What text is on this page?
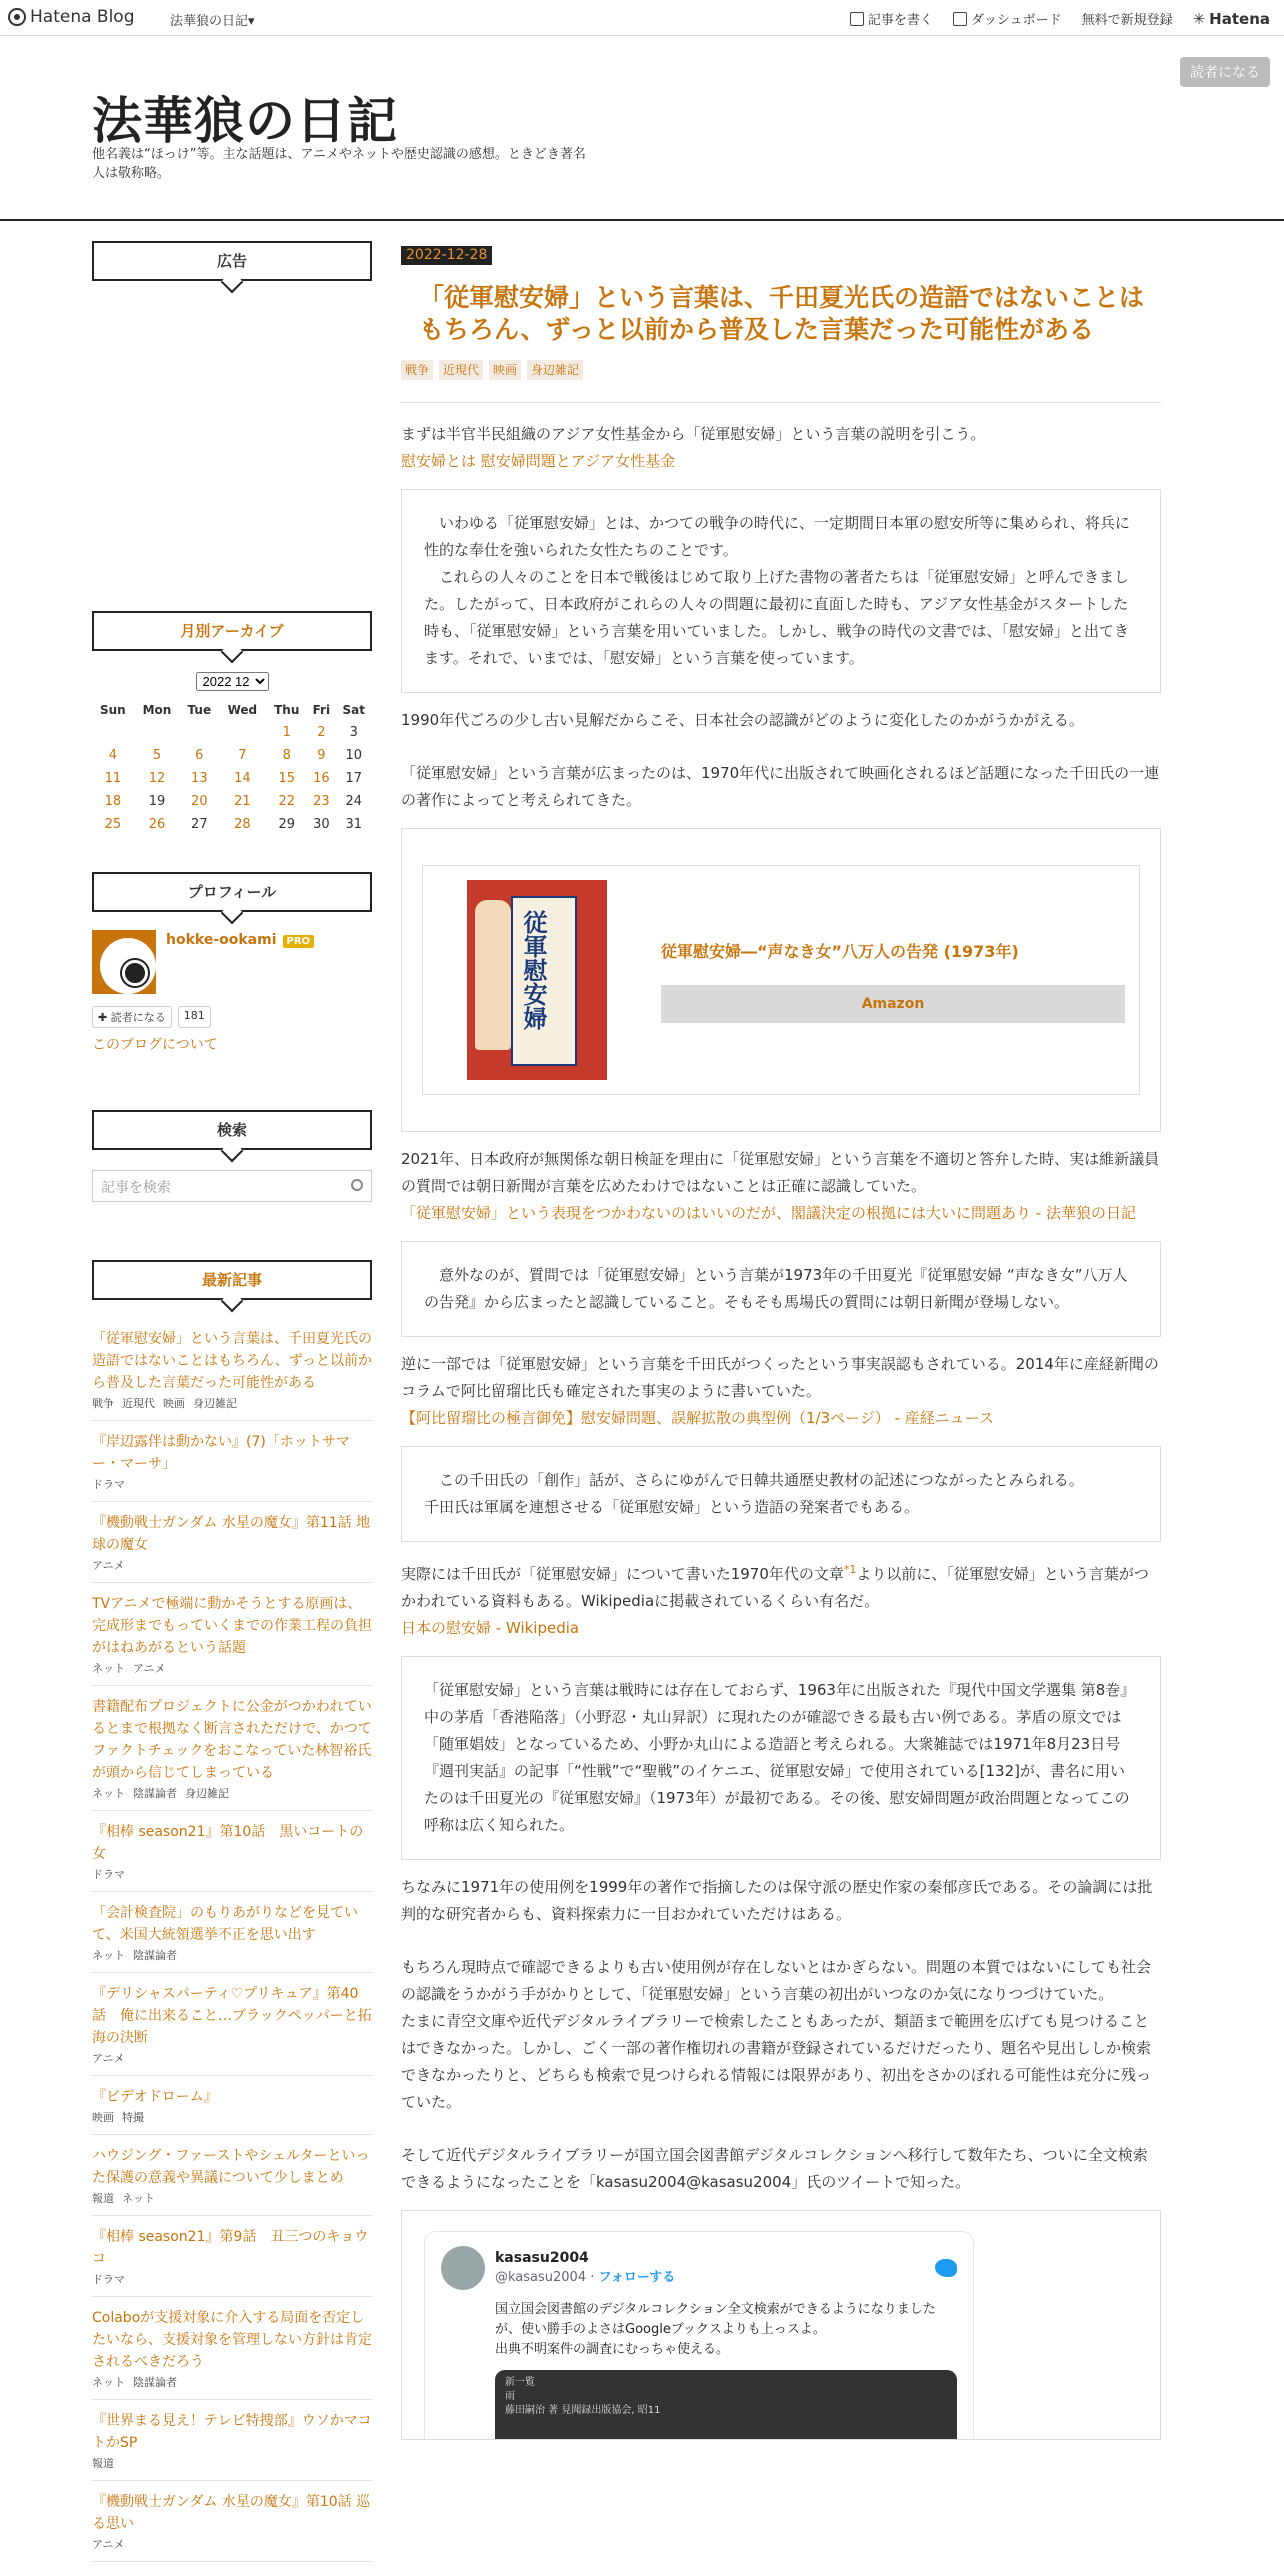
Hatena Blog	法華狼の日記▾	記事を書く	ダッシュボード 無料で新規登録 ✳ Hatena
法華狼の日記
他名義は“ほっけ”等。主な話題は、アニメやネットや歴史認識の感想。ときどき著名人は敬称略。
読者になる
広告
月別アーカイブ
2022 12
Sun	Mon	Tue	Wed	Thu	Fri	Sat
				1	2	3
4	5	6	7	8	9	10
11	12	13	14	15	16	17
18	19	20	21	22	23	24
25	26	27	28	29	30	31
プロフィール
hokke-ookami PRO
✚ 読者になる	181
このブログについて
検索
記事を検索
最新記事
「従軍慰安婦」という言葉は、千田夏光氏の造語ではないことはもちろん、ずっと以前から普及した言葉だった可能性がある
戦争 近現代 映画 身辺雑記
『岸辺露伴は動かない』(7)「ホットサマー・マーサ」
ドラマ
『機動戦士ガンダム 水星の魔女』第11話 地球の魔女
アニメ
TVアニメで極端に動かそうとする原画は、完成形までもっていくまでの作業工程の負担がはねあがるという話題
ネット アニメ
書籍配布プロジェクトに公金がつかわれているとまで根拠なく断言されただけで、かつてファクトチェックをおこなっていた林智裕氏が頭から信じてしまっている
ネット 陰謀論者 身辺雑記
『相棒 season21』第10話　黒いコートの女
ドラマ
「会計検査院」のもりあがりなどを見ていて、米国大統領選挙不正を思い出す
ネット 陰謀論者
『デリシャスパーティ♡プリキュア』第40話　俺に出来ること…ブラックペッパーと拓海の決断
アニメ
『ビデオドローム』
映画 特撮
ハウジング・ファーストやシェルターといった保護の意義や異議について少しまとめ
報道 ネット
『相棒 season21』第9話　丑三つのキョウコ
ドラマ
Colaboが支援対象に介入する局面を否定したいなら、支援対象を管理しない方針は肯定されるべきだろう
ネット 陰謀論者
『世界まる見え！テレビ特捜部』ウソかマコトかSP
報道
『機動戦士ガンダム 水星の魔女』第10話 巡る思い
アニメ
2022-12-28
「従軍慰安婦」という言葉は、千田夏光氏の造語ではないことはもちろん、ずっと以前から普及した言葉だった可能性がある
戦争	近現代	映画	身辺雑記
まずは半官半民組織のアジア女性基金から「従軍慰安婦」という言葉の説明を引こう。
慰安婦とは 慰安婦問題とアジア女性基金
　いわゆる「従軍慰安婦」とは、かつての戦争の時代に、一定期間日本軍の慰安所等に集められ、将兵に性的な奉仕を強いられた女性たちのことです。
　これらの人々のことを日本で戦後はじめて取り上げた書物の著者たちは「従軍慰安婦」と呼んできました。したがって、日本政府がこれらの人々の問題に最初に直面した時も、アジア女性基金がスタートした時も、「従軍慰安婦」という言葉を用いていました。しかし、戦争の時代の文書では、「慰安婦」と出てきます。それで、いまでは、「慰安婦」という言葉を使っています。
1990年代ごろの少し古い見解だからこそ、日本社会の認識がどのように変化したのかがうかがえる。
「従軍慰安婦」という言葉が広まったのは、1970年代に出版されて映画化されるほど話題になった千田氏の一連の著作によってと考えられてきた。
従軍慰安婦	従軍慰安婦―“声なき女”八万人の告発 (1973年)
Amazon
2021年、日本政府が無関係な朝日検証を理由に「従軍慰安婦」という言葉を不適切と答弁した時、実は維新議員の質問では朝日新聞が言葉を広めたわけではないことは正確に認識していた。
「従軍慰安婦」という表現をつかわないのはいいのだが、閣議決定の根拠には大いに問題あり - 法華狼の日記
　意外なのが、質問では「従軍慰安婦」という言葉が1973年の千田夏光『従軍慰安婦 “声なき女”八万人の告発』から広まったと認識していること。そもそも馬場氏の質問には朝日新聞が登場しない。
逆に一部では「従軍慰安婦」という言葉を千田氏がつくったという事実誤認もされている。2014年に産経新聞のコラムで阿比留瑠比氏も確定された事実のように書いていた。
【阿比留瑠比の極言御免】慰安婦問題、誤解拡散の典型例（1/3ページ） - 産経ニュース
　この千田氏の「創作」話が、さらにゆがんで日韓共通歴史教材の記述につながったとみられる。
千田氏は軍属を連想させる「従軍慰安婦」という造語の発案者でもある。
実際には千田氏が「従軍慰安婦」について書いた1970年代の文章$^{*1}$より以前に、「従軍慰安婦」という言葉がつかわれている資料もある。Wikipediaに掲載されているくらい有名だ。
日本の慰安婦 - Wikipedia
「従軍慰安婦」という言葉は戦時には存在しておらず、1963年に出版された『現代中国文学選集 第8巻』中の茅盾「香港陥落」（小野忍・丸山昇訳）に現れたのが確認できる最も古い例である。茅盾の原文では「随軍娼妓」となっているため、小野か丸山による造語と考えられる。大衆雑誌では1971年8月23日号『週刊実話』の記事「“性戦”で“聖戦”のイケニエ、従軍慰安婦」で使用されている[132]が、書名に用いたのは千田夏光の『従軍慰安婦』（1973年）が最初である。その後、慰安婦問題が政治問題となってこの呼称は広く知られた。
ちなみに1971年の使用例を1999年の著作で指摘したのは保守派の歴史作家の秦郁彦氏である。その論調には批判的な研究者からも、資料探索力に一目おかれていただけはある。
もちろん現時点で確認できるよりも古い使用例が存在しないとはかぎらない。問題の本質ではないにしても社会の認識をうかがう手がかりとして、「従軍慰安婦」という言葉の初出がいつなのか気になりつづけていた。
たまに青空文庫や近代デジタルライブラリーで検索したこともあったが、類語まで範囲を広げても見つけることはできなかった。しかし、ごく一部の著作権切れの書籍が登録されているだけだったり、題名や見出ししか検索できなかったりと、どちらも検索で見つけられる情報には限界があり、初出をさかのぼれる可能性は充分に残っていた。
そして近代デジタルライブラリーが国立国会図書館デジタルコレクションへ移行して数年たち、ついに全文検索できるようになったことを「kasasu2004@kasasu2004」氏のツイートで知った。
kasasu2004
@kasasu2004 · フォローする
国立国会図書館のデジタルコレクション全文検索ができるようになりましたが、使い勝手のよさはGoogleブックスよりも上っスよ。
出典不明案件の調査にむっちゃ使える。
新一覧
雨
藤田嗣治 著 見聞録出版協会, 昭11
